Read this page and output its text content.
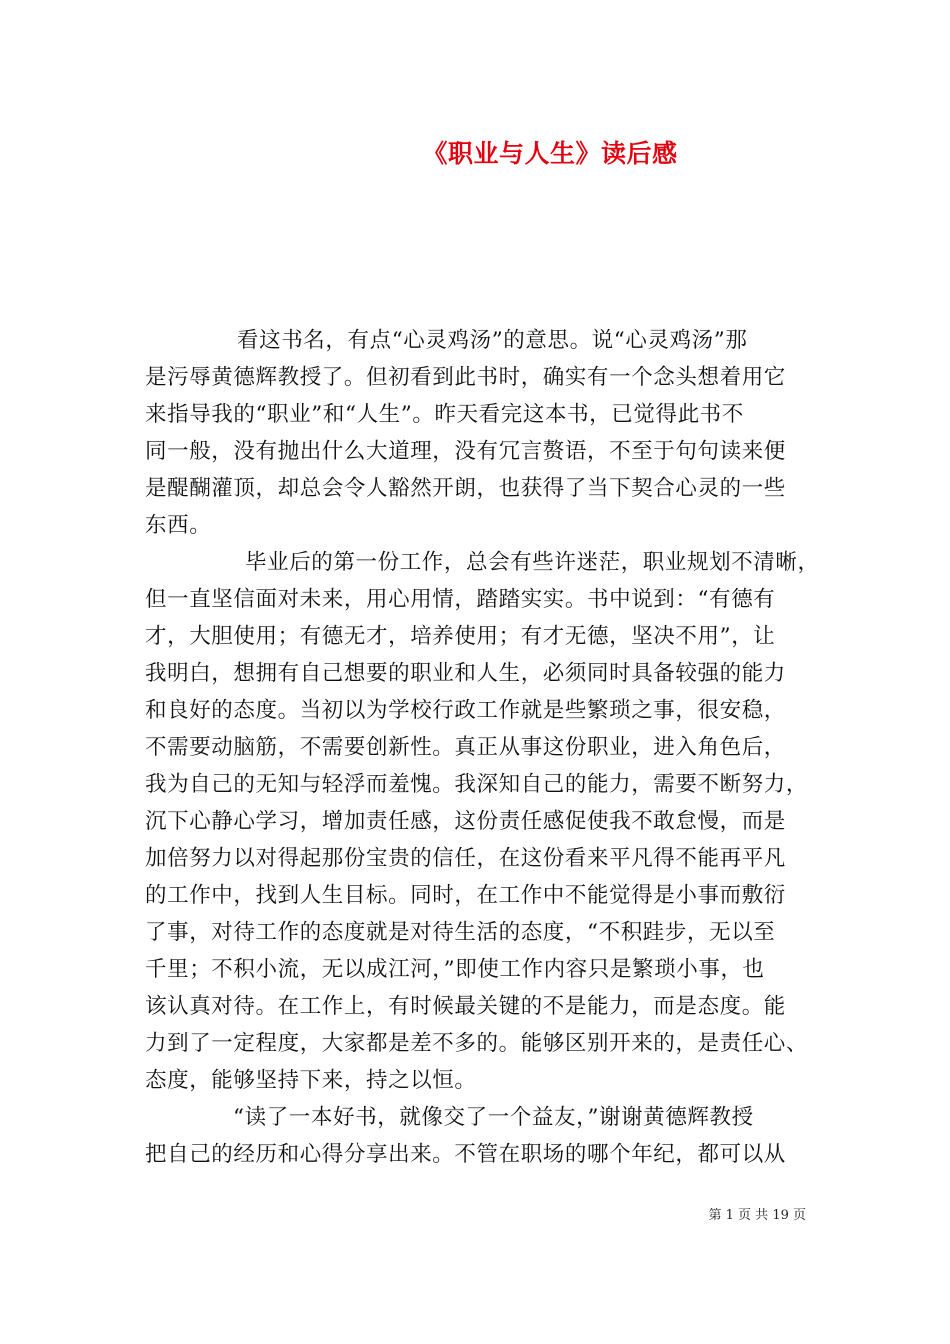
《职业与人生》读后感
看这书名，有点“心灵鸡汤”的意思。说“心灵鸡汤”那
是污辱黄德辉教授了。但初看到此书时，确实有一个念头想着用它
来指导我的“职业”和“人生”。昨天看完这本书，已觉得此书不
同一般，没有抛出什么大道理，没有冗言赘语，不至于句句读来便
是醍醐灌顶，却总会令人豁然开朗，也获得了当下契合心灵的一些
东西。
毕业后的第一份工作，总会有些许迷茫，职业规划不清晰，
但一直坚信面对未来，用心用情，踏踏实实。书中说到：“有德有
才，大胆使用；有德无才，培养使用；有才无德，坚决不用”，让
我明白，想拥有自己想要的职业和人生，必须同时具备较强的能力
和良好的态度。当初以为学校行政工作就是些繁琐之事，很安稳，
不需要动脑筋，不需要创新性。真正从事这份职业，进入角色后，
我为自己的无知与轻浮而羞愧。我深知自己的能力，需要不断努力，
沉下心静心学习，增加责任感，这份责任感促使我不敢怠慢，而是
加倍努力以对得起那份宝贵的信任，在这份看来平凡得不能再平凡
的工作中，找到人生目标。同时，在工作中不能觉得是小事而敷衍
了事，对待工作的态度就是对待生活的态度，“不积跬步，无以至
千里；不积小流，无以成江河，”即使工作内容只是繁琐小事，也
该认真对待。在工作上，有时候最关键的不是能力，而是态度。能
力到了一定程度，大家都是差不多的。能够区别开来的，是责任心、
态度，能够坚持下来，持之以恒。
“读了一本好书，就像交了一个益友，”谢谢黄德辉教授
把自己的经历和心得分享出来。不管在职场的哪个年纪，都可以从
第 1 页 共 19 页
